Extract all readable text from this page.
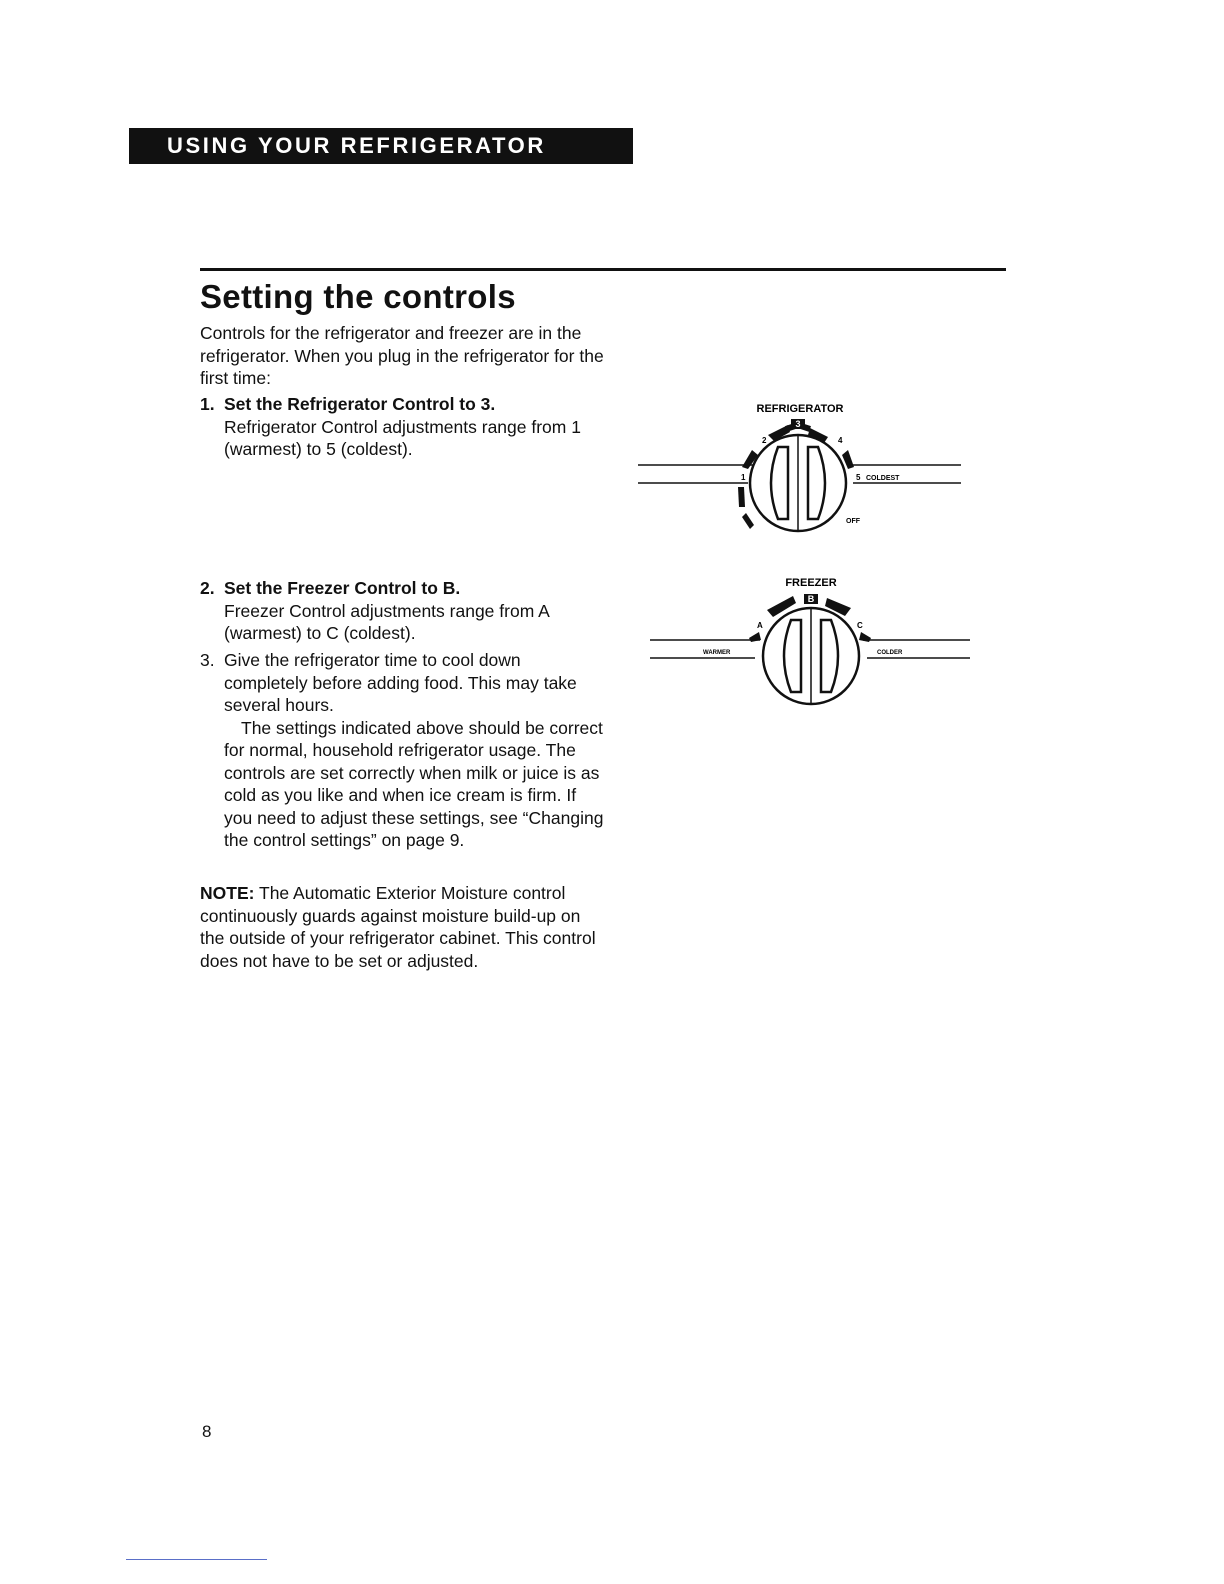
USING YOUR REFRIGERATOR
Setting the controls
Controls for the refrigerator and freezer are in the refrigerator. When you plug in the refrigerator for the first time:
1. Set the Refrigerator Control to 3.

Refrigerator Control adjustments range from 1 (warmest) to 5 (coldest).

2. Set the Freezer Control to B.

Freezer Control adjustments range from A (warmest) to C (coldest).

3. Give the refrigerator time to cool down completely before adding food. This may take several hours.

The settings indicated above should be correct for normal, household refrigerator usage. The controls are set correctly when milk or juice is as cold as you like and when ice cream is firm. If you need to adjust these settings, see “Changing the control settings” on page 9.

NOTE: The Automatic Exterior Moisture control continuously guards against moisture build-up on the outside of your refrigerator cabinet. This control does not have to be set or adjusted.
REFRIGERATOR
3
2	4
1	5 COLDEST
OFF
FREEZER
B
A	C
WARMER	COLDER
8
